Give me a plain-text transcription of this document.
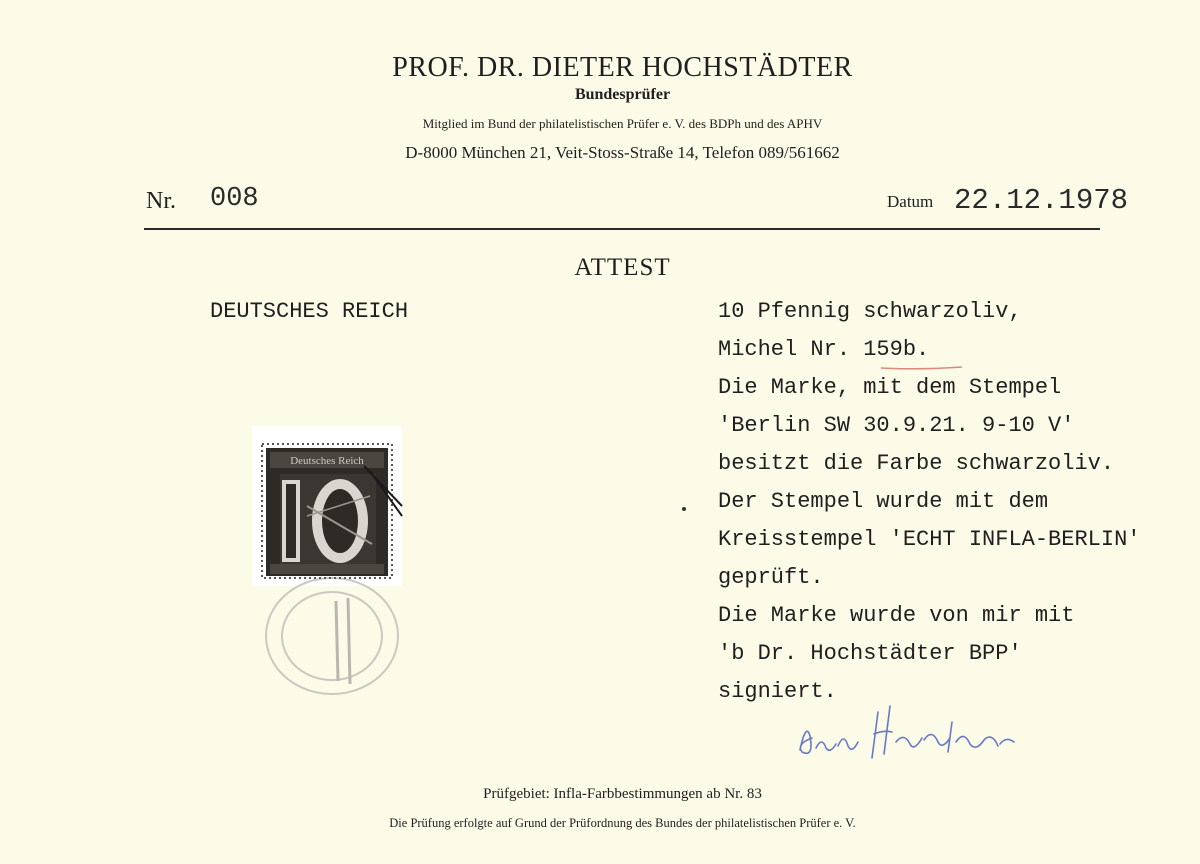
PROF. DR. DIETER HOCHSTÄDTER
Bundesprüfer
Mitglied im Bund der philatelistischen Prüfer e. V. des BDPh und des APHV
D-8000 München 21, Veit-Stoss-Straße 14, Telefon 089/561662
Nr. 008	Datum 22.12.1978
ATTEST
DEUTSCHES REICH	10 Pfennig schwarzoliv,
Michel Nr. 159b.
Die Marke, mit dem Stempel
'Berlin SW 30.9.21. 9-10 V'
besitzt die Farbe schwarzoliv.
Der Stempel wurde mit dem
Kreisstempel 'ECHT INFLA-BERLIN'
geprüft.
Die Marke wurde von mir mit
'b Dr. Hochstädter BPP'
signiert.
Deutsches Reich
Prüfgebiet: Infla-Farbbestimmungen ab Nr. 83
Die Prüfung erfolgte auf Grund der Prüfordnung des Bundes der philatelistischen Prüfer e. V.
